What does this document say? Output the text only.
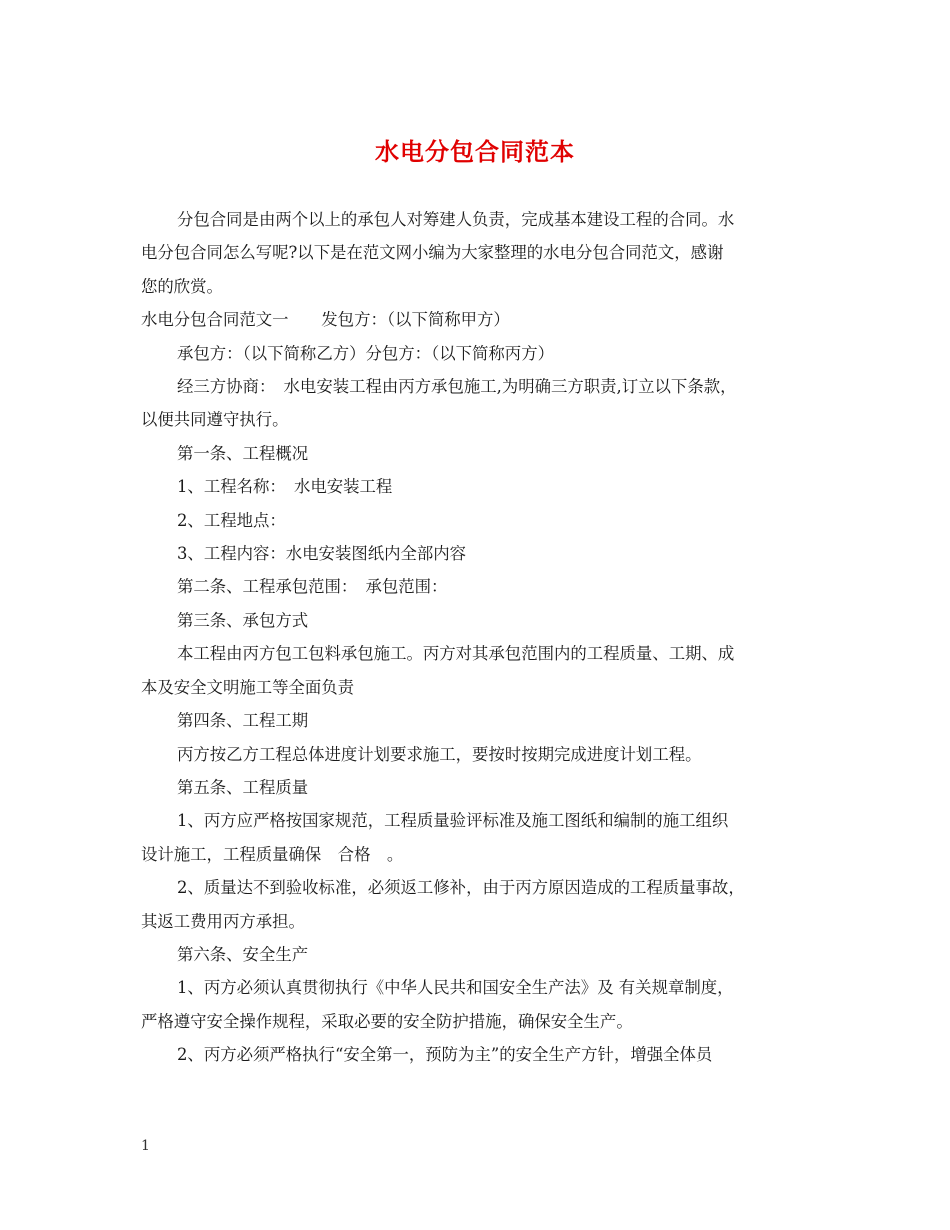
水电分包合同范本

分包合同是由两个以上的承包人对筹建人负责，完成基本建设工程的合同。水

电分包合同怎么写呢?以下是在范文网小编为大家整理的水电分包合同范文，感谢

您的欣赏。

水电分包合同范文一　　发包方：（以下简称甲方）

承包方：（以下简称乙方）分包方：（以下简称丙方）

经三方协商：　水电安装工程由丙方承包施工,为明确三方职责,订立以下条款，

以便共同遵守执行。

第一条、工程概况

1、工程名称：　水电安装工程

2、工程地点：

3、工程内容：水电安装图纸内全部内容

第二条、工程承包范围：　承包范围：

第三条、承包方式

本工程由丙方包工包料承包施工。丙方对其承包范围内的工程质量、工期、成

本及安全文明施工等全面负责

第四条、工程工期

丙方按乙方工程总体进度计划要求施工，要按时按期完成进度计划工程。

第五条、工程质量

1、丙方应严格按国家规范，工程质量验评标准及施工图纸和编制的施工组织

设计施工，工程质量确保　合格　。

2、质量达不到验收标准，必须返工修补，由于丙方原因造成的工程质量事故，

其返工费用丙方承担。

第六条、安全生产

1、丙方必须认真贯彻执行《中华人民共和国安全生产法》及 有关规章制度，

严格遵守安全操作规程，采取必要的安全防护措施，确保安全生产。

2、丙方必须严格执行“安全第一，预防为主”的安全生产方针，增强全体员

1
